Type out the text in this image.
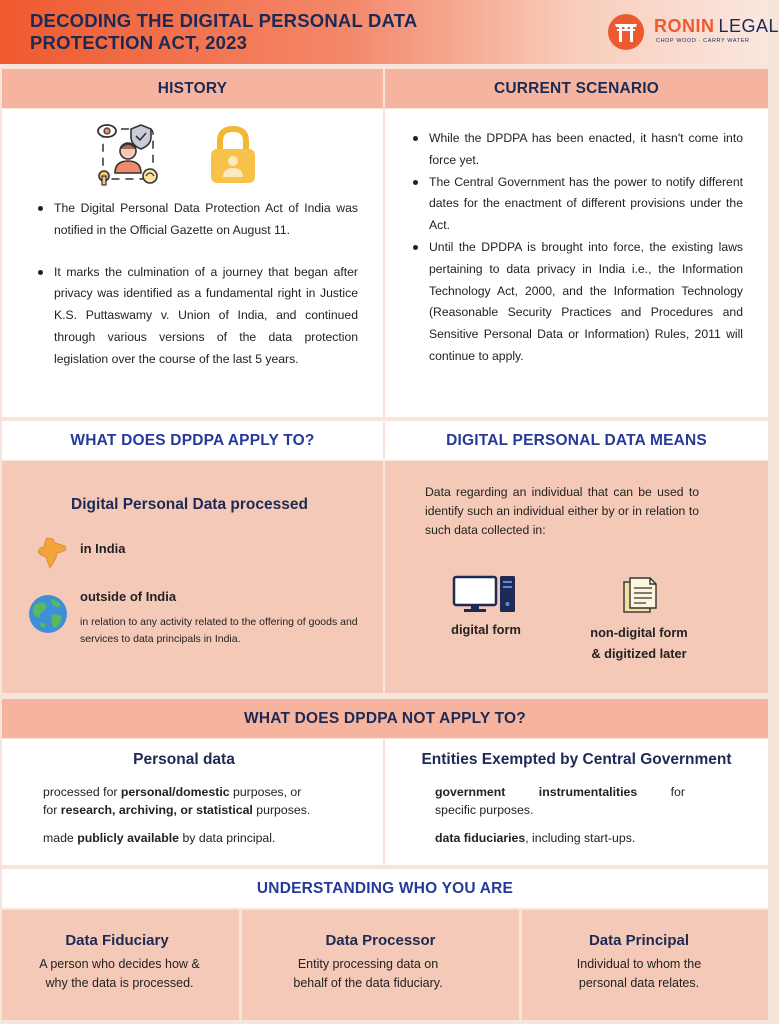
DECODING THE DIGITAL PERSONAL DATA PROTECTION ACT, 2023
RONIN LEGAL
CHOP WOOD · CARRY WATER
HISTORY
The Digital Personal Data Protection Act of India was notified in the Official Gazette on August 11.
It marks the culmination of a journey that began after privacy was identified as a fundamental right in Justice K.S. Puttaswamy v. Union of India, and continued through various versions of the data protection legislation over the course of the last 5 years.
CURRENT SCENARIO
While the DPDPA has been enacted, it hasn't come into force yet.
The Central Government has the power to notify different dates for the enactment of different provisions under the Act.
Until the DPDPA is brought into force, the existing laws pertaining to data privacy in India i.e., the Information Technology Act, 2000, and the Information Technology (Reasonable Security Practices and Procedures and Sensitive Personal Data or Information) Rules, 2011 will continue to apply.
WHAT DOES DPDPA APPLY TO?
Digital Personal Data processed
in India
outside of India
in relation to any activity related to the offering of goods and services to data principals in India.
DIGITAL PERSONAL DATA MEANS
Data regarding an individual that can be used to identify such an individual either by or in relation to such data collected in:
digital form	non-digital form
& digitized later
WHAT DOES DPDPA NOT APPLY TO?
Personal data
processed for personal/domestic purposes, or
for research, archiving, or statistical purposes.
made publicly available by data principal.
Entities Exempted by Central Government
government instrumentalities for
specific purposes.
data fiduciaries, including start-ups.
UNDERSTANDING WHO YOU ARE
Data Fiduciary
A person who decides how &
why the data is processed.
Data Processor
Entity processing data on
behalf of the data fiduciary.
Data Principal
Individual to whom the
personal data relates.
